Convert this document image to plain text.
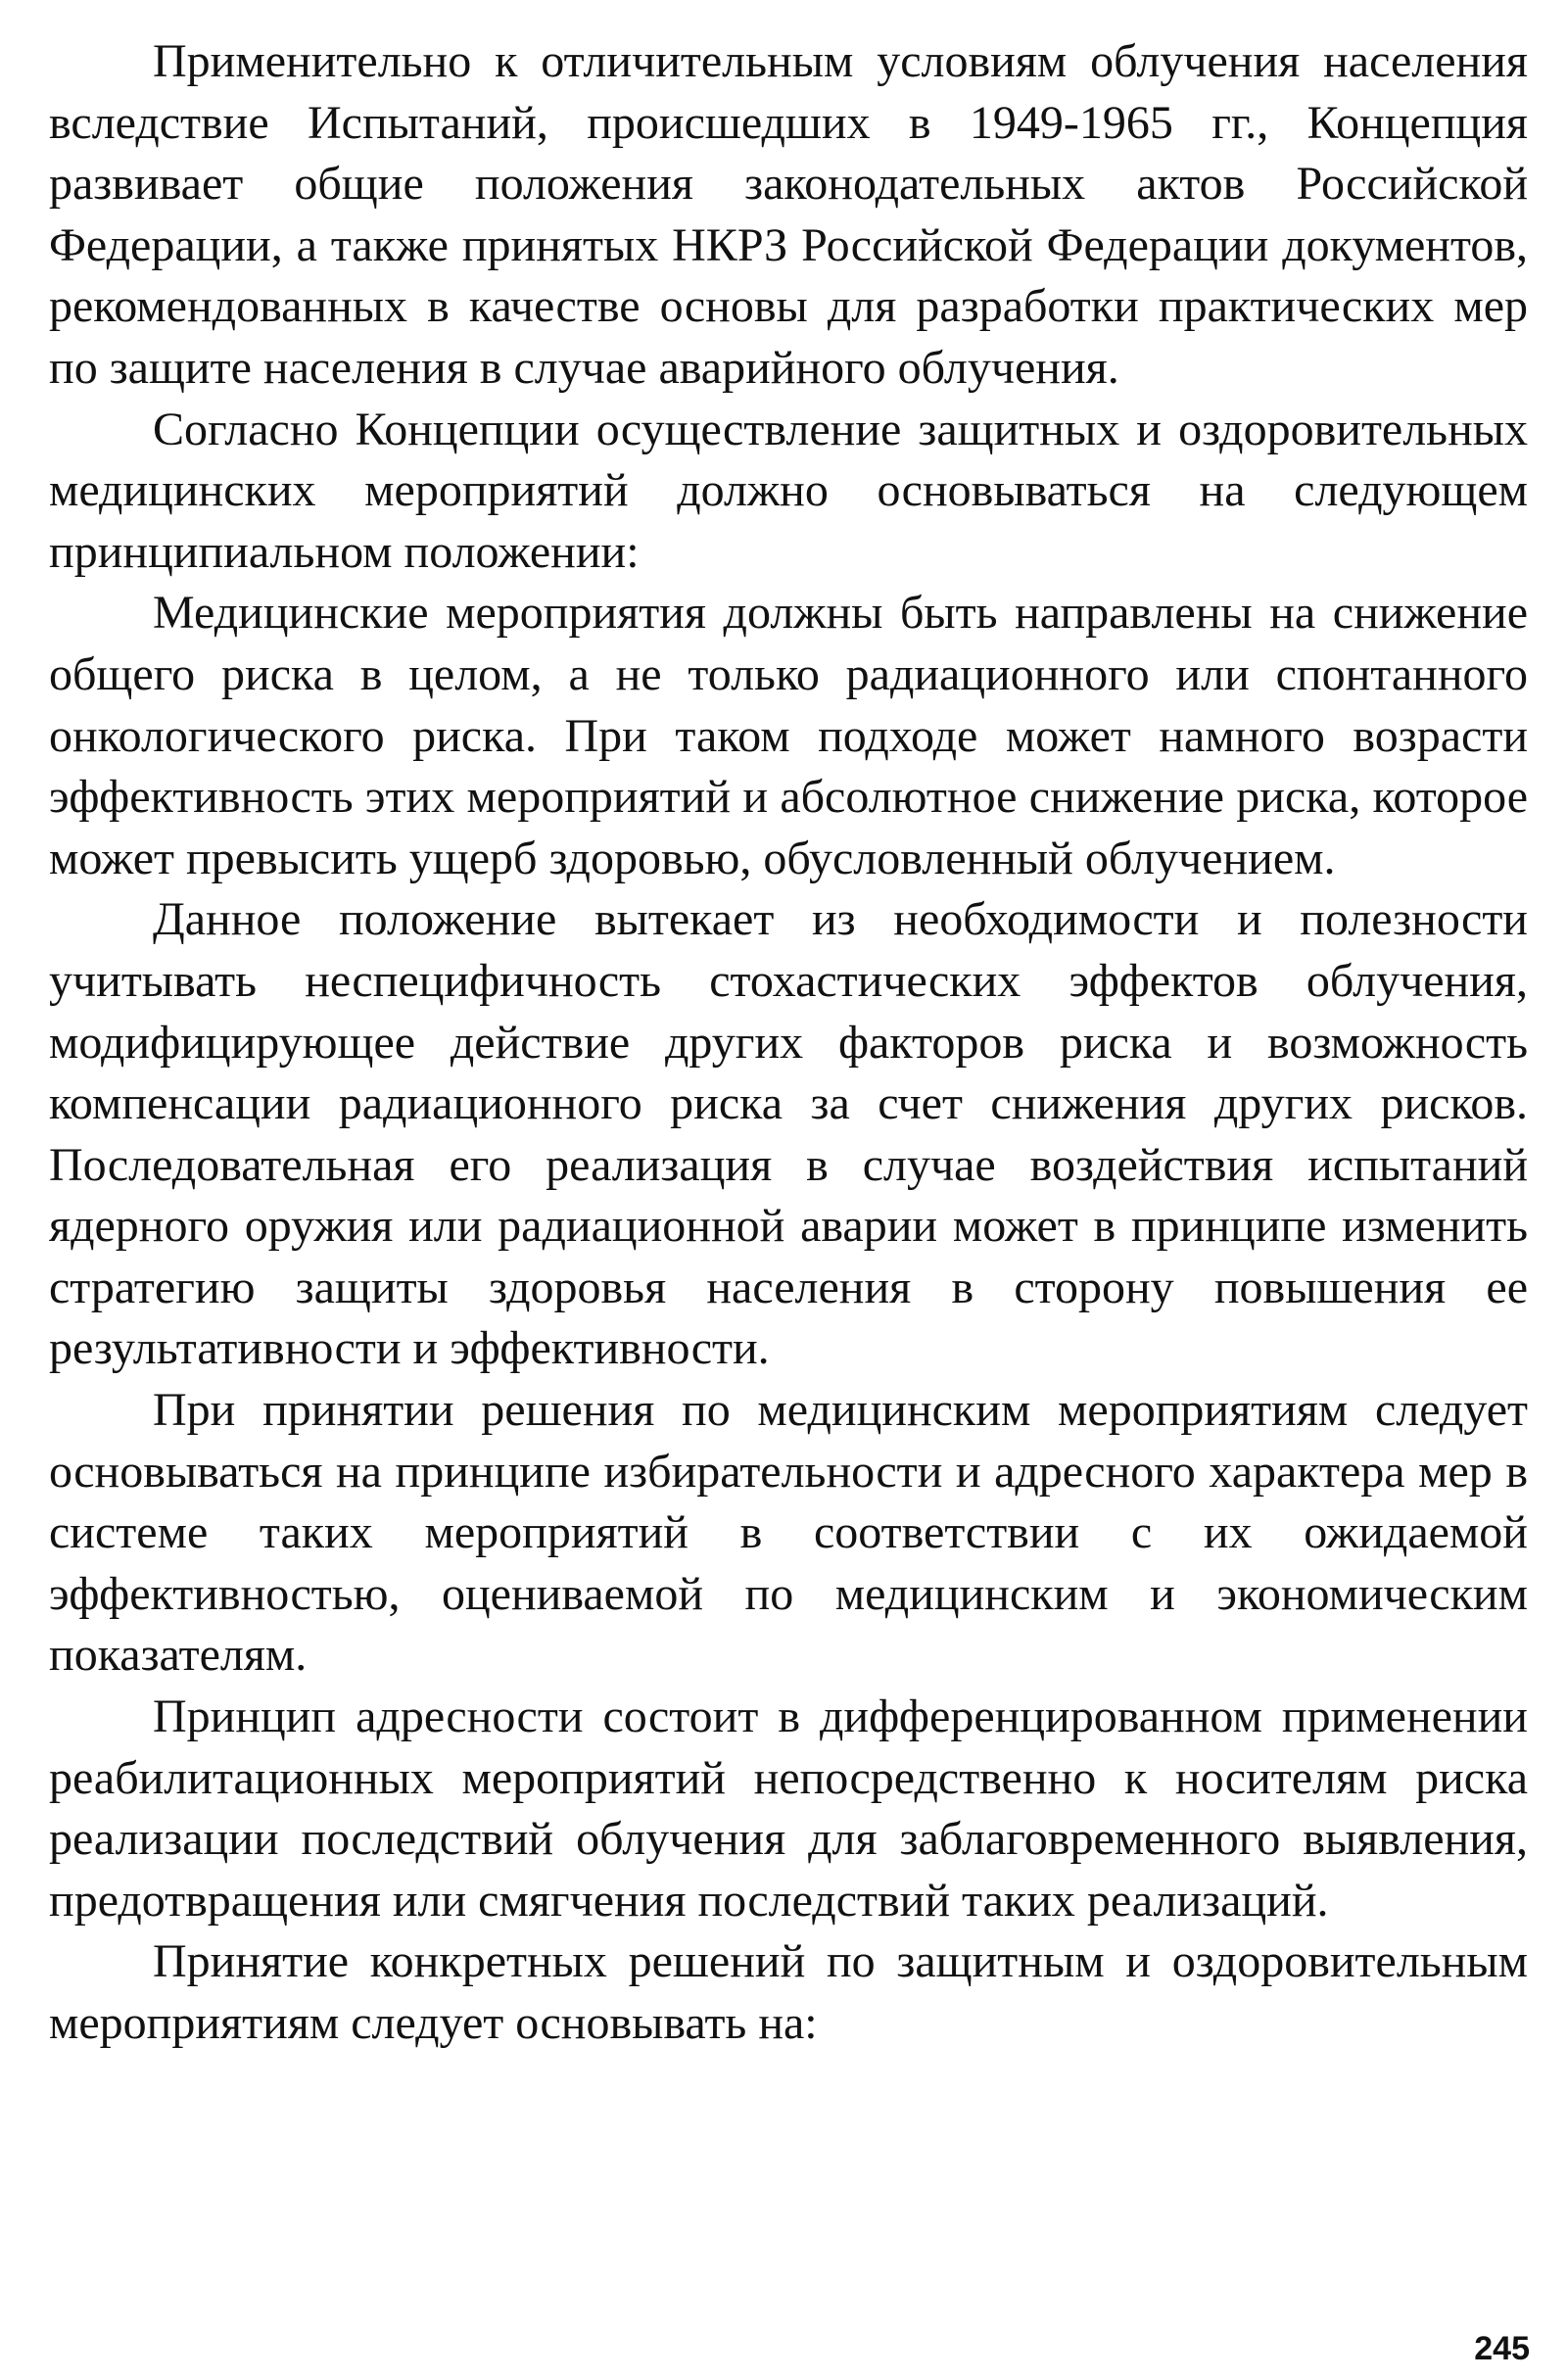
Применительно к отличительным условиям облучения населения вследствие Испытаний, происшедших в 1949-1965 гг., Концепция развивает общие положения законодательных актов Российской Федерации, а также принятых НКРЗ Российской Федерации документов, рекомендованных в качестве основы для разработки практических мер по защите населения в случае аварийного облучения.

Согласно Концепции осуществление защитных и оздоровительных медицинских мероприятий должно основываться на следующем принципиальном положении:

Медицинские мероприятия должны быть направлены на снижение общего риска в целом, а не только радиационного или спонтанного онкологического риска. При таком подходе может намного возрасти эффективность этих мероприятий и абсолютное снижение риска, которое может превысить ущерб здоровью, обусловленный облучением.

Данное положение вытекает из необходимости и полезности учитывать неспецифичность стохастических эффектов облучения, модифицирующее действие других факторов риска и возможность компенсации радиационного риска за счет снижения других рисков. Последовательная его реализация в случае воздействия испытаний ядерного оружия или радиационной аварии может в принципе изменить стратегию защиты здоровья населения в сторону повышения ее результативности и эффективности.

При принятии решения по медицинским мероприятиям следует основываться на принципе избирательности и адресного характера мер в системе таких мероприятий в соответствии с их ожидаемой эффективностью, оцениваемой по медицинским и экономическим показателям.

Принцип адресности состоит в дифференцированном применении реабилитационных мероприятий непосредственно к носителям риска реализации последствий облучения для заблаговременного выявления, предотвращения или смягчения последствий таких реализаций.

Принятие конкретных решений по защитным и оздоровительным мероприятиям следует основывать на:

245
